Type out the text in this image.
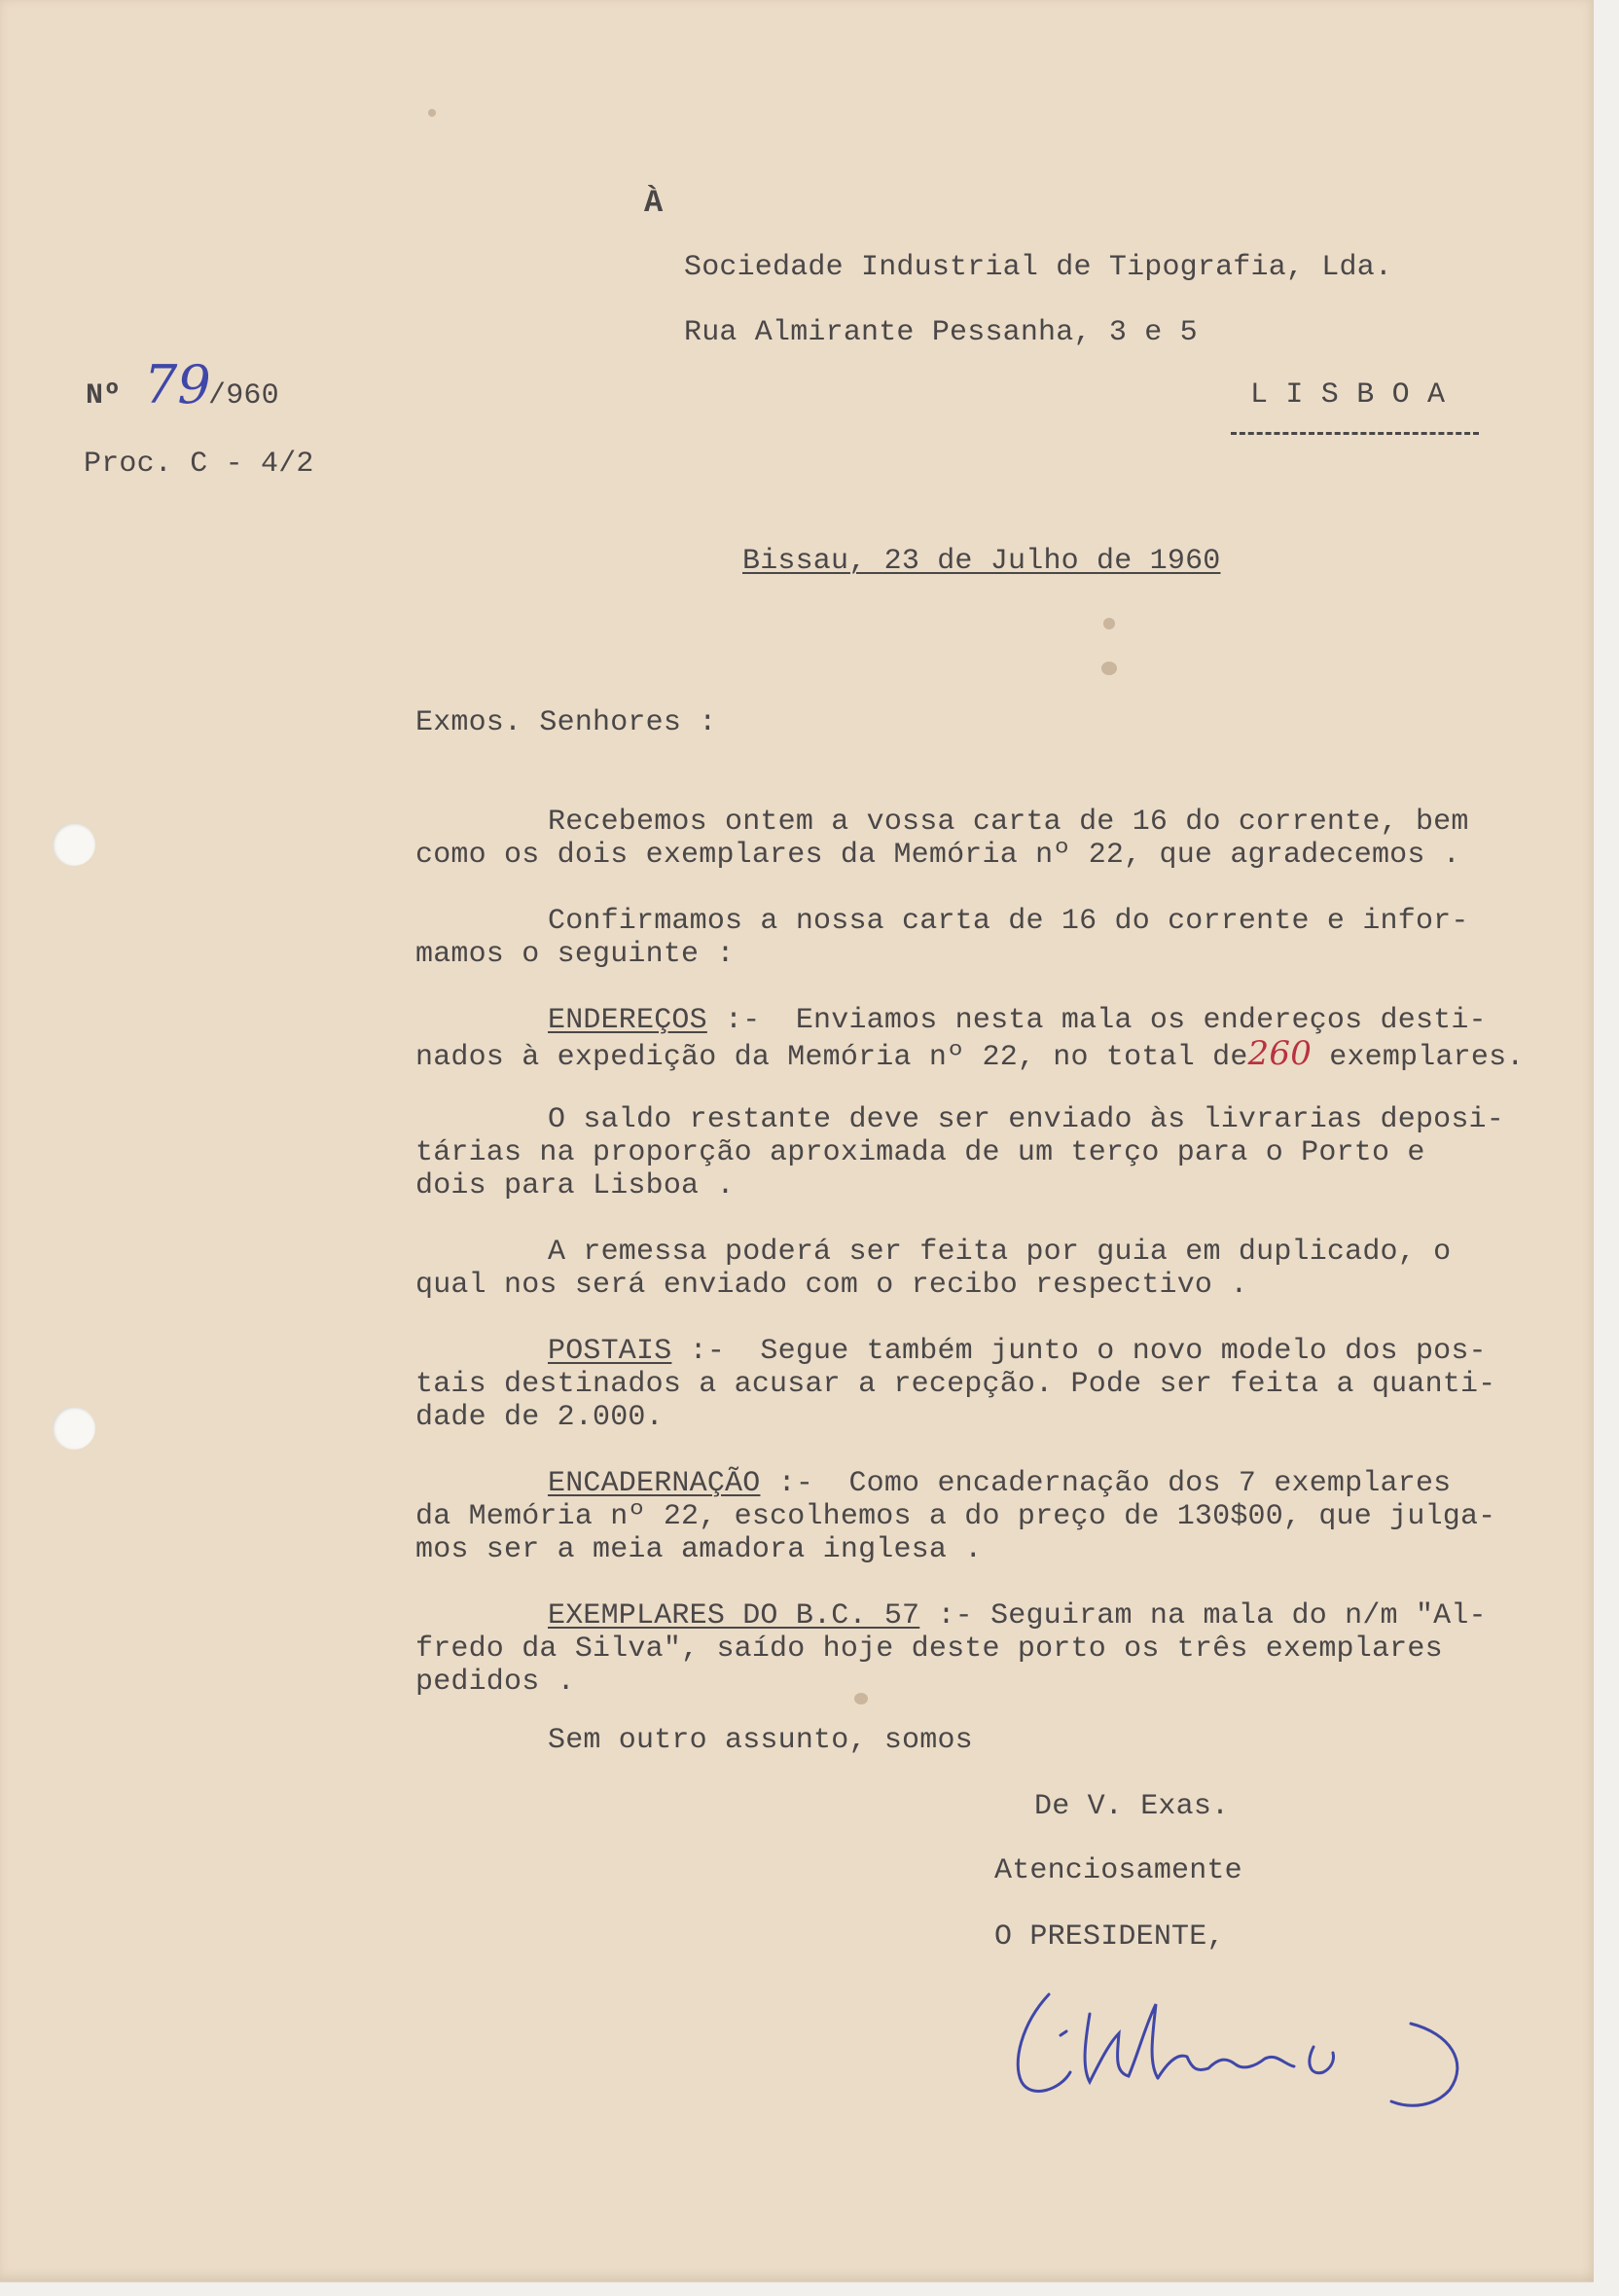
À
Sociedade Industrial de Tipografia, Lda.
Rua Almirante Pessanha, 3 e 5
L I S B O A
Nº 79
/960
Proc. C - 4/2
Bissau, 23 de Julho de 1960
Exmos. Senhores :
Recebemos ontem a vossa carta de 16 do corrente, bem
como os dois exemplares da Memória nº 22, que agradecemos .
Confirmamos a nossa carta de 16 do corrente e infor-
mamos o seguinte :
ENDEREÇOS :-  Enviamos nesta mala os endereços desti-
nados à expedição da Memória nº 22, no total de260 exemplares.
O saldo restante deve ser enviado às livrarias deposi-
tárias na proporção aproximada de um terço para o Porto e
dois para Lisboa .
A remessa poderá ser feita por guia em duplicado, o
qual nos será enviado com o recibo respectivo .
POSTAIS :-  Segue também junto o novo modelo dos pos-
tais destinados a acusar a recepção. Pode ser feita a quanti-
dade de 2.000.
ENCADERNAÇÃO :-  Como encadernação dos 7 exemplares
da Memória nº 22, escolhemos a do preço de 130$00, que julga-
mos ser a meia amadora inglesa .
EXEMPLARES DO B.C. 57 :- Seguiram na mala do n/m "Al-
fredo da Silva", saído hoje deste porto os três exemplares
pedidos .
Sem outro assunto, somos
De V. Exas.
Atenciosamente
O PRESIDENTE,
